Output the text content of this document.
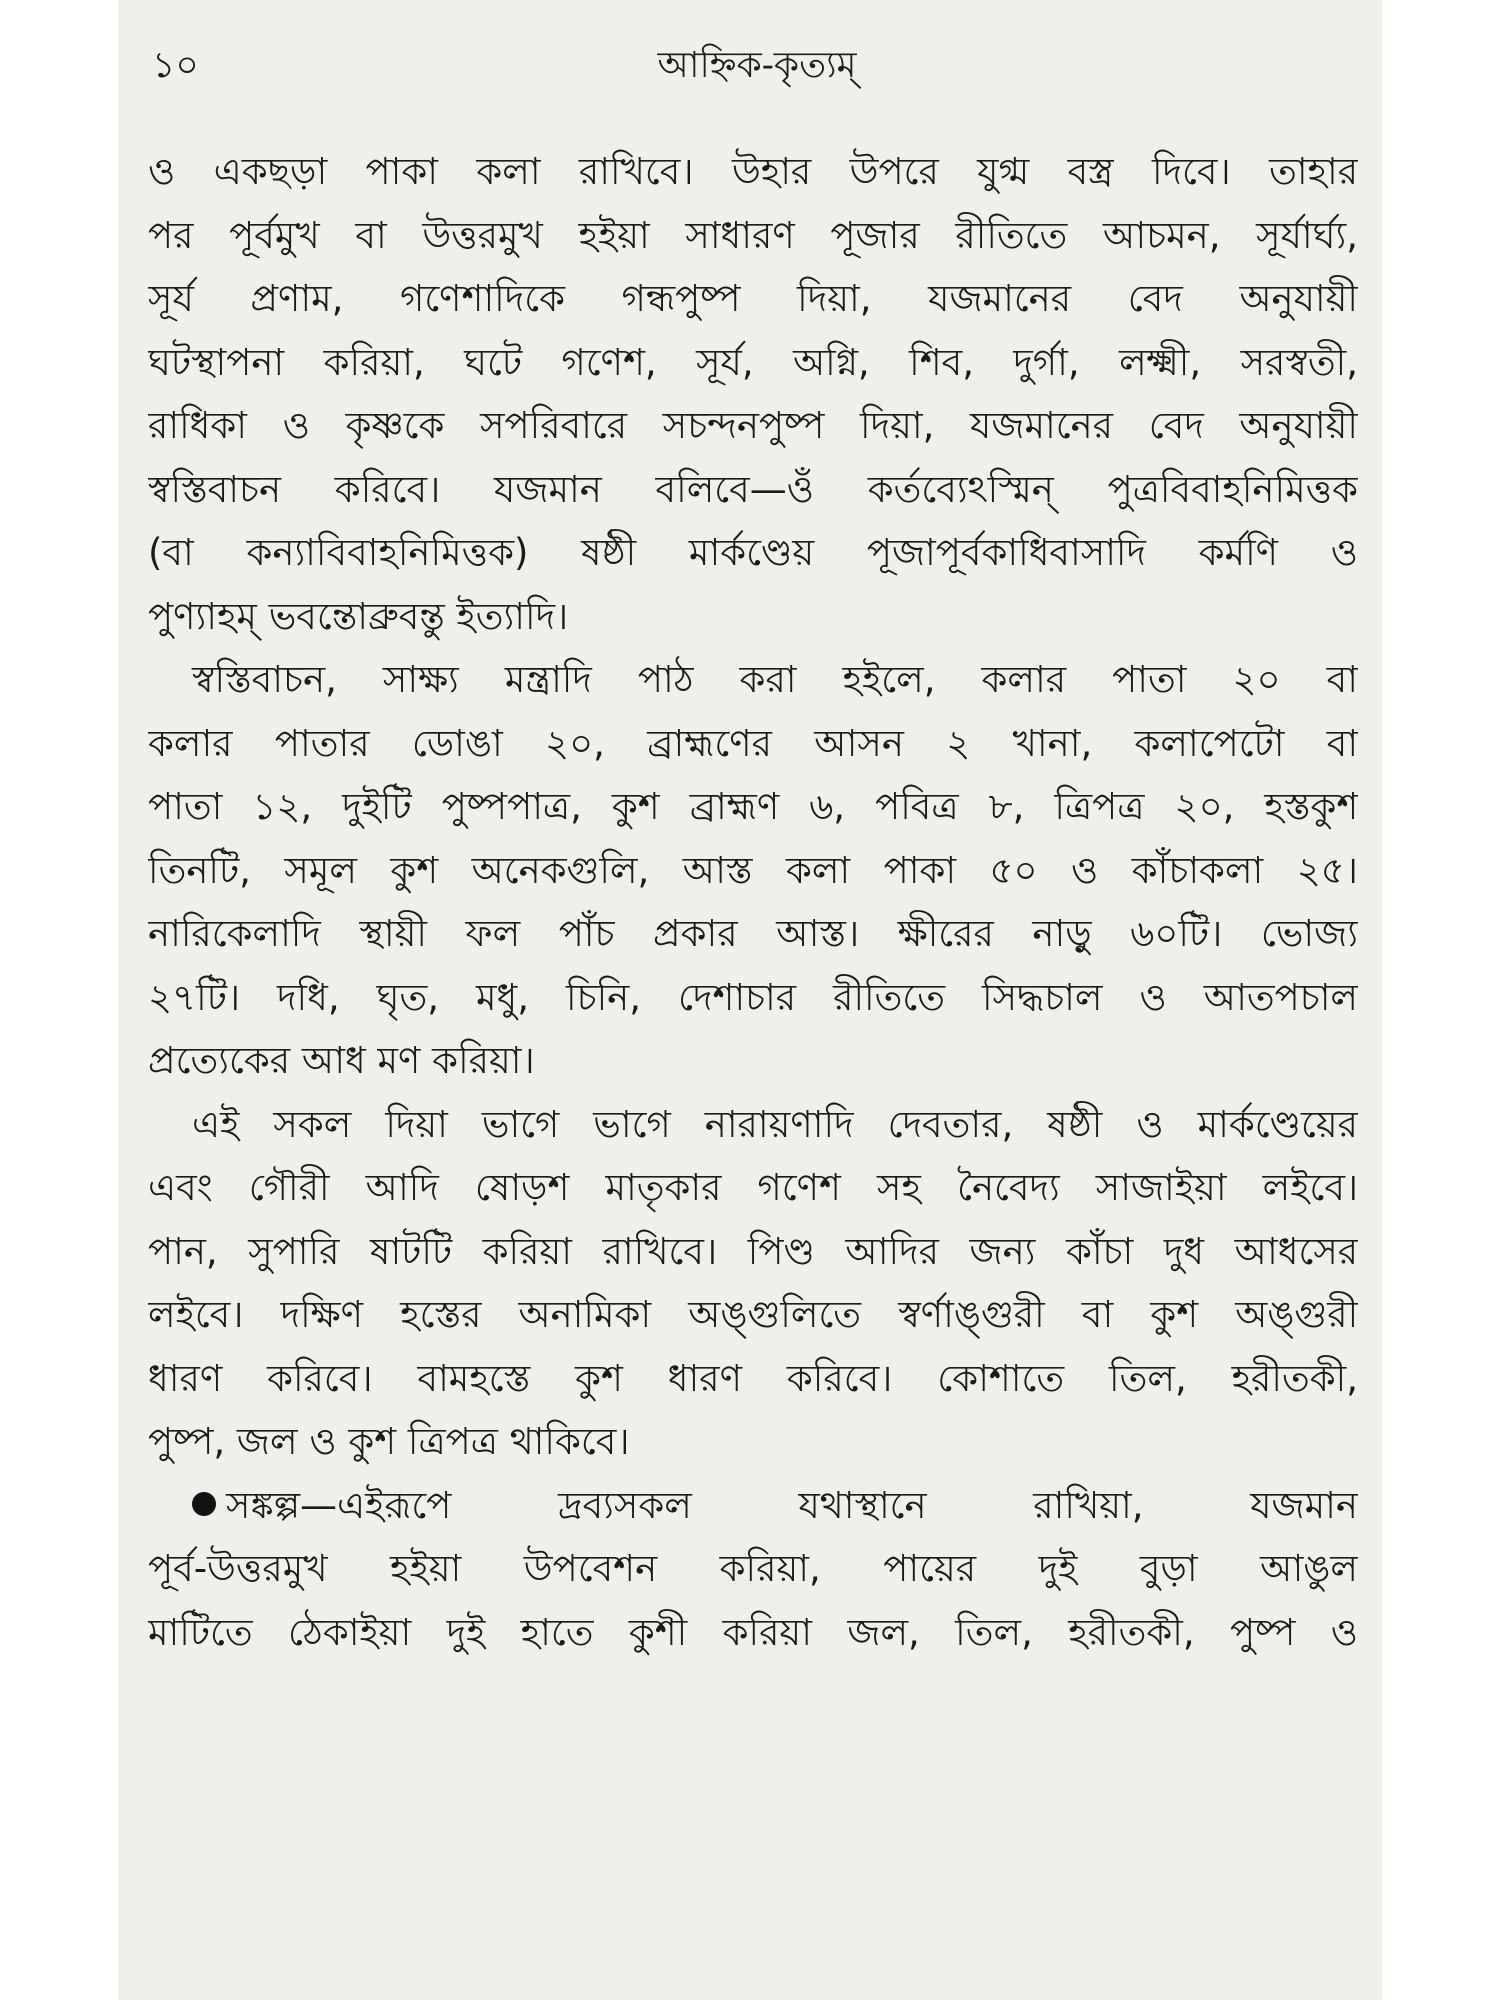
১০	আহ্নিক-কৃত্যম্

ও একছড়া পাকা কলা রাখিবে। উহার উপরে যুগ্ম বস্ত্র দিবে। তাহার
পর পূর্বমুখ বা উত্তরমুখ হইয়া সাধারণ পূজার রীতিতে আচমন, সূর্যার্ঘ্য,
সূর্য প্রণাম, গণেশাদিকে গন্ধপুষ্প দিয়া, যজমানের বেদ অনুযায়ী
ঘটস্থাপনা করিয়া, ঘটে গণেশ, সূর্য, অগ্নি, শিব, দুর্গা, লক্ষ্মী, সরস্বতী,
রাধিকা ও কৃষ্ণকে সপরিবারে সচন্দনপুষ্প দিয়া, যজমানের বেদ অনুযায়ী
স্বস্তিবাচন করিবে। যজমান বলিবে—ওঁ কর্তব্যেঽস্মিন্ পুত্রবিবাহনিমিত্তক
(বা কন্যাবিবাহনিমিত্তক) ষষ্ঠী মার্কণ্ডেয় পূজাপূর্বকাধিবাসাদি কর্মণি ও
পুণ্যাহম্ ভবন্তোব্রুবন্তু ইত্যাদি।

স্বস্তিবাচন, সাক্ষ্য মন্ত্রাদি পাঠ করা হইলে, কলার পাতা ২০ বা
কলার পাতার ডোঙা ২০, ব্রাহ্মণের আসন ২ খানা, কলাপেটো বা
পাতা ১২, দুইটি পুষ্পপাত্র, কুশ ব্রাহ্মণ ৬, পবিত্র ৮, ত্রিপত্র ২০, হস্তকুশ
তিনটি, সমূল কুশ অনেকগুলি, আস্ত কলা পাকা ৫০ ও কাঁচাকলা ২৫।
নারিকেলাদি স্থায়ী ফল পাঁচ প্রকার আস্ত। ক্ষীরের নাড়ু ৬০টি। ভোজ্য
২৭টি। দধি, ঘৃত, মধু, চিনি, দেশাচার রীতিতে সিদ্ধচাল ও আতপচাল
প্রত্যেকের আধ মণ করিয়া।

এই সকল দিয়া ভাগে ভাগে নারায়ণাদি দেবতার, ষষ্ঠী ও মার্কণ্ডেয়ের
এবং গৌরী আদি ষোড়শ মাতৃকার গণেশ সহ নৈবেদ্য সাজাইয়া লইবে।
পান, সুপারি ষাটটি করিয়া রাখিবে। পিণ্ড আদির জন্য কাঁচা দুধ আধসের
লইবে। দক্ষিণ হস্তের অনামিকা অঙ্গুলিতে স্বর্ণাঙ্গুরী বা কুশ অঙ্গুরী
ধারণ করিবে। বামহস্তে কুশ ধারণ করিবে। কোশাতে তিল, হরীতকী,
পুষ্প, জল ও কুশ ত্রিপত্র থাকিবে।

সঙ্কল্প—এইরূপে দ্রব্যসকল যথাস্থানে রাখিয়া, যজমান
পূর্ব-উত্তরমুখ হইয়া উপবেশন করিয়া, পায়ের দুই বুড়া আঙুল
মাটিতে ঠেকাইয়া দুই হাতে কুশী করিয়া জল, তিল, হরীতকী, পুষ্প ও
